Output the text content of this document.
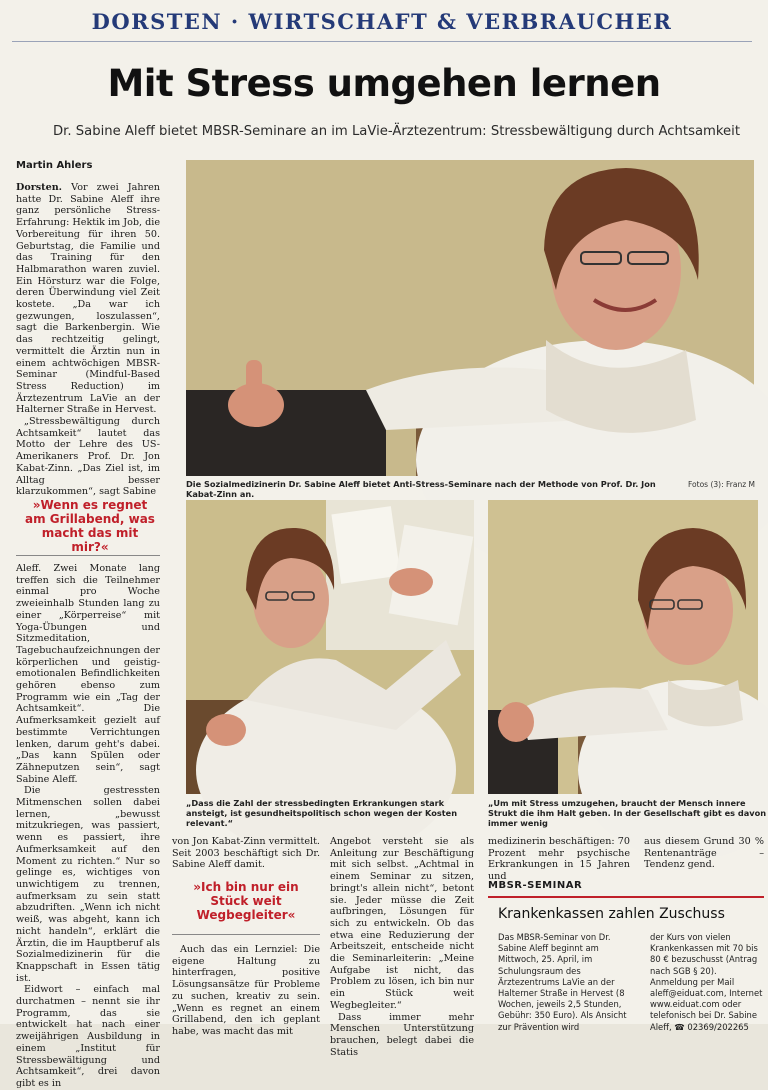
DORSTEN · WIRTSCHAFT & VERBRAUCHER
Mit Stress umgehen lernen
Dr. Sabine Aleff bietet MBSR-Seminare an im LaVie-Ärztezentrum: Stressbewältigung durch Achtsamkeit
Martin Ahlers

Dorsten. Vor zwei Jahren hatte Dr. Sabine Aleff ihre ganz persönliche Stress-Erfahrung: Hektik im Job, die Vorbereitung für ihren 50. Geburtstag, die Familie und das Training für den Halbmarathon waren zuviel. Ein Hörsturz war die Folge, deren Überwindung viel Zeit kostete. „Da war ich gezwungen, loszulassen“, sagt die Barkenbergin. Wie das rechtzeitig gelingt, vermittelt die Ärztin nun in einem achtwöchigen MBSR-Seminar (Mindful-Based Stress Reduction) im Ärztezentrum LaVie an der Halterner Straße in Hervest.

„Stressbewältigung durch Achtsamkeit“ lautet das Motto der Lehre des US-Amerikaners Prof. Dr. Jon Kabat-Zinn. „Das Ziel ist, im Alltag besser klarzukommen“, sagt Sabine

»Wenn es regnet am Grillabend, was macht das mit mir?«

Aleff. Zwei Monate lang treffen sich die Teilnehmer einmal pro Woche zweieinhalb Stunden lang zu einer „Körperreise“ mit Yoga-Übungen und Sitzmeditation, Tagebuchaufzeichnungen der körperlichen und geistig-emotionalen Befindlichkeiten gehören ebenso zum Programm wie ein „Tag der Achtsamkeit“. Die Aufmerksamkeit gezielt auf bestimmte Verrichtungen lenken, darum geht's dabei. „Das kann Spülen oder Zähneputzen sein“, sagt Sabine Aleff.

Die gestressten Mitmenschen sollen dabei lernen, „bewusst mitzukriegen, was passiert, wenn es passiert, ihre Aufmerksamkeit auf den Moment zu richten.“ Nur so gelinge es, wichtiges von unwichtigem zu trennen, aufmerksam zu sein statt abzudriften. „Wenn ich nicht weiß, was abgeht, kann ich nicht handeln“, erklärt die Ärztin, die im Hauptberuf als Sozialmedizinerin für die Knappschaft in Essen tätig ist.

Eidwort – einfach mal durchatmen – nennt sie ihr Programm, das sie entwickelt hat nach einer zweijährigen Ausbildung in einem „Institut für Stressbewältigung und Achtsamkeit“, drei davon gibt es in

Die Sozialmedizinerin Dr. Sabine Aleff bietet Anti-Stress-Seminare nach der Methode von Prof. Dr. Jon Kabat-Zinn an.
Fotos (3): Franz M
„Dass die Zahl der stressbedingten Erkrankungen stark ansteigt, ist gesundheitspolitisch schon wegen der Kosten relevant.“
„Um mit Stress umzugehen, braucht der Mensch innere Strukt die ihm Halt geben. In der Gesellschaft gibt es davon immer wenig

von Jon Kabat-Zinn vermittelt. Seit 2003 beschäftigt sich Dr. Sabine Aleff damit.

»Ich bin nur ein Stück weit Wegbegleiter«

Auch das ein Lernziel: Die eigene Haltung zu hinterfragen, positive Lösungsansätze für Probleme zu suchen, kreativ zu sein. „Wenn es regnet an einem Grillabend, den ich geplant habe, was macht das mit

Angebot versteht sie als Anleitung zur Beschäftigung mit sich selbst. „Achtmal in einem Seminar zu sitzen, bringt's allein nicht“, betont sie. Jeder müsse die Zeit aufbringen, Lösungen für sich zu entwickeln. Ob das etwa eine Reduzierung der Arbeitszeit, entscheide nicht die Seminarleiterin: „Meine Aufgabe ist nicht, das Problem zu lösen, ich bin nur ein Stück weit Wegbegleiter.“

Dass immer mehr Menschen Unterstützung brauchen, belegt dabei die Statis

medizinerin beschäftigen: 70 Prozent mehr psychische Erkrankungen in 15 Jahren und

aus diesem Grund 30 % Rentenanträge – Tendenz gend.

MBSR-SEMINAR
Krankenkassen zahlen Zuschuss
Das MBSR-Seminar von Dr. Sabine Aleff beginnt am Mittwoch, 25. April, im Schulungsraum des Ärztezentrums LaVie an der Halterner Straße in Hervest (8 Wochen, jeweils 2,5 Stunden, Gebühr: 350 Euro). Als Ansicht zur Prävention wird
der Kurs von vielen Krankenkassen mit 70 bis 80 € bezuschusst (Antrag nach SGB § 20). Anmeldung per Mail aleff@eiduat.com, Internet www.eiduat.com oder telefonisch bei Dr. Sabine Aleff, ☎ 02369/202265
